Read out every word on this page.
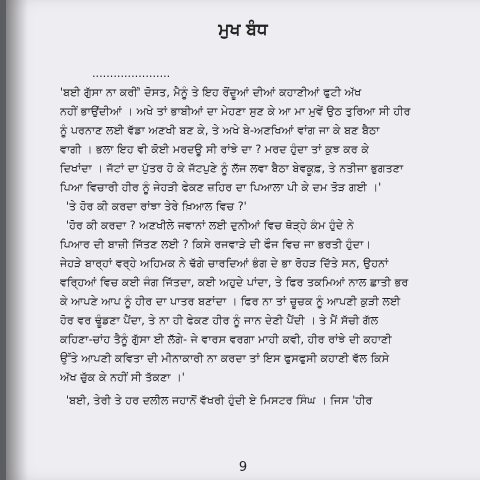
ਮੁਖ ਬੰਧ
......................
'ਬਈ ਗੁੱਸਾ ਨਾ ਕਰੀਂ' ਦੋਸਤ, ਮੈਨੂੰ ਤੇ ਇਹ ਰੋਂਦੂਆਂ ਦੀਆਂ ਕਹਾਣੀਆਂ ਫੁਟੀ ਅੱਖ
ਨਹੀਂ ਭਾਉਂਦੀਆਂ । ਅਖੇ ਤਾਂ ਭਾਬੀਆਂ ਦਾ ਮੇਹਣਾ ਸੁਣ ਕੇ ਆ ਮਾ ਮੁਵੇਂ ਉਠ ਤੁਰਿਆ ਸੀ ਹੀਰ
ਨੂੰ ਪਰਨਾਣ ਲਈ ਵੱਡਾ ਅਣਖੀ ਬਣ ਕੇ, ਤੇ ਅਖੇ ਬੇ-ਅਣਖਿਆਂ ਵਾਂਗ ਜਾ ਕੇ ਬਣ ਬੈਠਾ
ਵਾਗੀ । ਭਲਾ ਇਹ ਵੀ ਕੋਈ ਮਰਦਊ ਸੀ ਰਾਂਝੇ ਦਾ ? ਮਰਦ ਹੁੰਦਾ ਤਾਂ ਕੁਝ ਕਰ ਕੇ
ਦਿਖਾਂਦਾ । ਜੱਟਾਂ ਦਾ ਪੁੱਤਰ ਹੋ ਕੇ ਜੱਟਪੁਣੇ ਨੂੰ ਲੱਜ ਲਵਾ ਬੈਠਾ ਬੇਵਕੂਫ਼, ਤੇ ਨਤੀਜਾ ਭੁਗਤਣਾ
ਪਿਆ ਵਿਚਾਰੀ ਹੀਰ ਨੂੰ ਜੇਹੜੀ ਫੇਕਣ ਜ਼ਹਿਰ ਦਾ ਪਿਆਲਾ ਪੀ ਕੇ ਦਮ ਤੋੜ ਗਈ ।'
'ਤੇ ਹੋਰ ਕੀ ਕਰਦਾ ਰਾਂਝਾ ਤੇਰੇ ਖ਼ਿਆਲ ਵਿਚ ?'
'ਹੋਰ ਕੀ ਕਰਦਾ ? ਅਣਖੀਲੇ ਜਵਾਨਾਂ ਲਈ ਦੁਨੀਆਂ ਵਿਚ ਥੋੜ੍ਹੇ ਕੰਮ ਹੁੰਦੇ ਨੇ
ਪਿਆਰ ਦੀ ਬਾਜ਼ੀ ਜਿੱਤਣ ਲਈ ? ਕਿਸੇ ਰਜਵਾੜੇ ਦੀ ਫੌਜ ਵਿਚ ਜਾ ਭਰਤੀ ਹੁੰਦਾ।
ਜੇਹੜੇ ਬਾਰ੍ਹਾਂ ਵਰ੍ਹੇ ਅਹਿਮਕ ਨੇ ਢੱਗੇ ਚਾਰਦਿਆਂ ਭੰਗ ਦੇ ਭਾ ਰੋਹੜ ਦਿੱਤੇ ਸਨ, ਉਹਨਾਂ
ਵਰ੍ਹਿਆਂ ਵਿਚ ਕਈ ਜੰਗ ਜਿੱਤਦਾ, ਕਈ ਅਹੁਦੇ ਪਾਂਦਾ, ਤੇ ਫਿਰ ਤਕਮਿਆਂ ਨਾਲ ਛਾਤੀ ਭਰ
ਕੇ ਆਪਣੇ ਆਪ ਨੂੰ ਹੀਰ ਦਾ ਪਾਤਰ ਬਣਾਂਦਾ । ਫਿਰ ਨਾ ਤਾਂ ਚੂਚਕ ਨੂੰ ਆਪਣੀ ਕੁੜੀ ਲਈ
ਹੋਰ ਵਰ ਢੂੰਡਣਾ ਪੈਂਦਾ, ਤੇ ਨਾ ਹੀ ਫੇਕਣ ਹੀਰ ਨੂੰ ਜਾਨ ਦੇਣੀ ਪੈਂਦੀ । ਤੇ ਮੈਂ ਸੱਚੀ ਗੱਲ
ਕਹਿਣਾ-ਚਾਂਹ ਤੈਨੂੰ ਗੁੱਸਾ ਈ ਲੱਗੇ- ਜੇ ਵਾਰਸ ਵਰਗਾ ਮਾਹੀ ਕਵੀ, ਹੀਰ ਰਾਂਝੇ ਦੀ ਕਹਾਣੀ
ਉੱਤੇ ਆਪਣੀ ਕਵਿਤਾ ਦੀ ਮੀਨਾਕਾਰੀ ਨਾ ਕਰਦਾ ਤਾਂ ਇਸ ਫੁਸਫੁਸੀ ਕਹਾਣੀ ਵੱਲ ਕਿਸੇ
ਅੱਖ ਚੁੱਕ ਕੇ ਨਹੀਂ ਸੀ ਤੱਕਣਾ ।'
'ਬਈ, ਤੇਰੀ ਤੇ ਹਰ ਦਲੀਲ ਜਹਾਨੋਂ ਵੱਖਰੀ ਹੁੰਦੀ ਏ ਮਿਸਟਰ ਸਿੰਘ । ਜਿਸ 'ਹੀਰ
9
